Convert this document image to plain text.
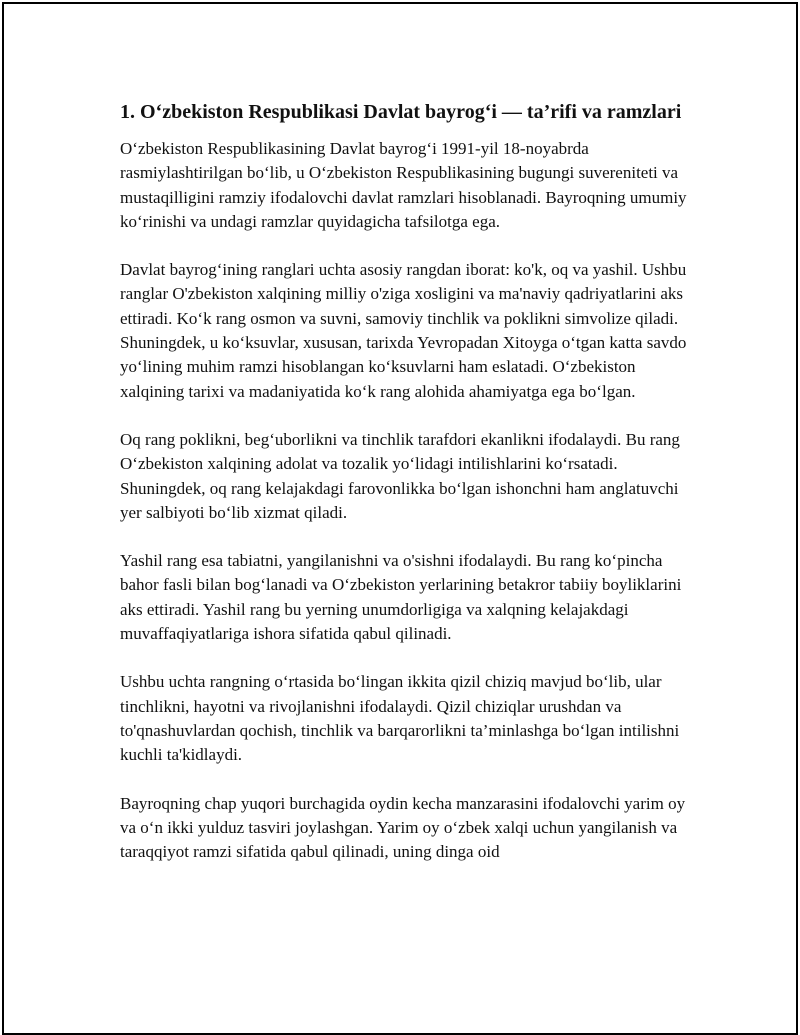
1. O‘zbekiston Respublikasi Davlat bayrog‘i — ta’rifi va ramzlari

O‘zbekiston Respublikasining Davlat bayrog‘i 1991-yil 18-noyabrda rasmiylashtirilgan bo‘lib, u O‘zbekiston Respublikasining bugungi suvereniteti va mustaqilligini ramziy ifodalovchi davlat ramzlari hisoblanadi. Bayroqning umumiy ko‘rinishi va undagi ramzlar quyidagicha tafsilotga ega.

Davlat bayrog‘ining ranglari uchta asosiy rangdan iborat: ko'k, oq va yashil. Ushbu ranglar O'zbekiston xalqining milliy o'ziga xosligini va ma'naviy qadriyatlarini aks ettiradi. Ko‘k rang osmon va suvni, samoviy tinchlik va poklikni simvolize qiladi. Shuningdek, u ko‘ksuvlar, xususan, tarixda Yevropadan Xitoyga o‘tgan katta savdo yo‘lining muhim ramzi hisoblangan ko‘ksuvlarni ham eslatadi. O‘zbekiston xalqining tarixi va madaniyatida ko‘k rang alohida ahamiyatga ega bo‘lgan.

Oq rang poklikni, beg‘uborlikni va tinchlik tarafdori ekanlikni ifodalaydi. Bu rang O‘zbekiston xalqining adolat va tozalik yo‘lidagi intilishlarini ko‘rsatadi. Shuningdek, oq rang kelajakdagi farovonlikka bo‘lgan ishonchni ham anglatuvchi yer salbiyoti bo‘lib xizmat qiladi.

Yashil rang esa tabiatni, yangilanishni va o'sishni ifodalaydi. Bu rang ko‘pincha bahor fasli bilan bog‘lanadi va O‘zbekiston yerlarining betakror tabiiy boyliklarini aks ettiradi. Yashil rang bu yerning unumdorligiga va xalqning kelajakdagi muvaffaqiyatlariga ishora sifatida qabul qilinadi.

Ushbu uchta rangning o‘rtasida bo‘lingan ikkita qizil chiziq mavjud bo‘lib, ular tinchlikni, hayotni va rivojlanishni ifodalaydi. Qizil chiziqlar urushdan va to'qnashuvlardan qochish, tinchlik va barqarorlikni ta’minlashga bo‘lgan intilishni kuchli ta'kidlaydi.

Bayroqning chap yuqori burchagida oydin kecha manzarasini ifodalovchi yarim oy va o‘n ikki yulduz tasviri joylashgan. Yarim oy o‘zbek xalqi uchun yangilanish va taraqqiyot ramzi sifatida qabul qilinadi, uning dinga oid
